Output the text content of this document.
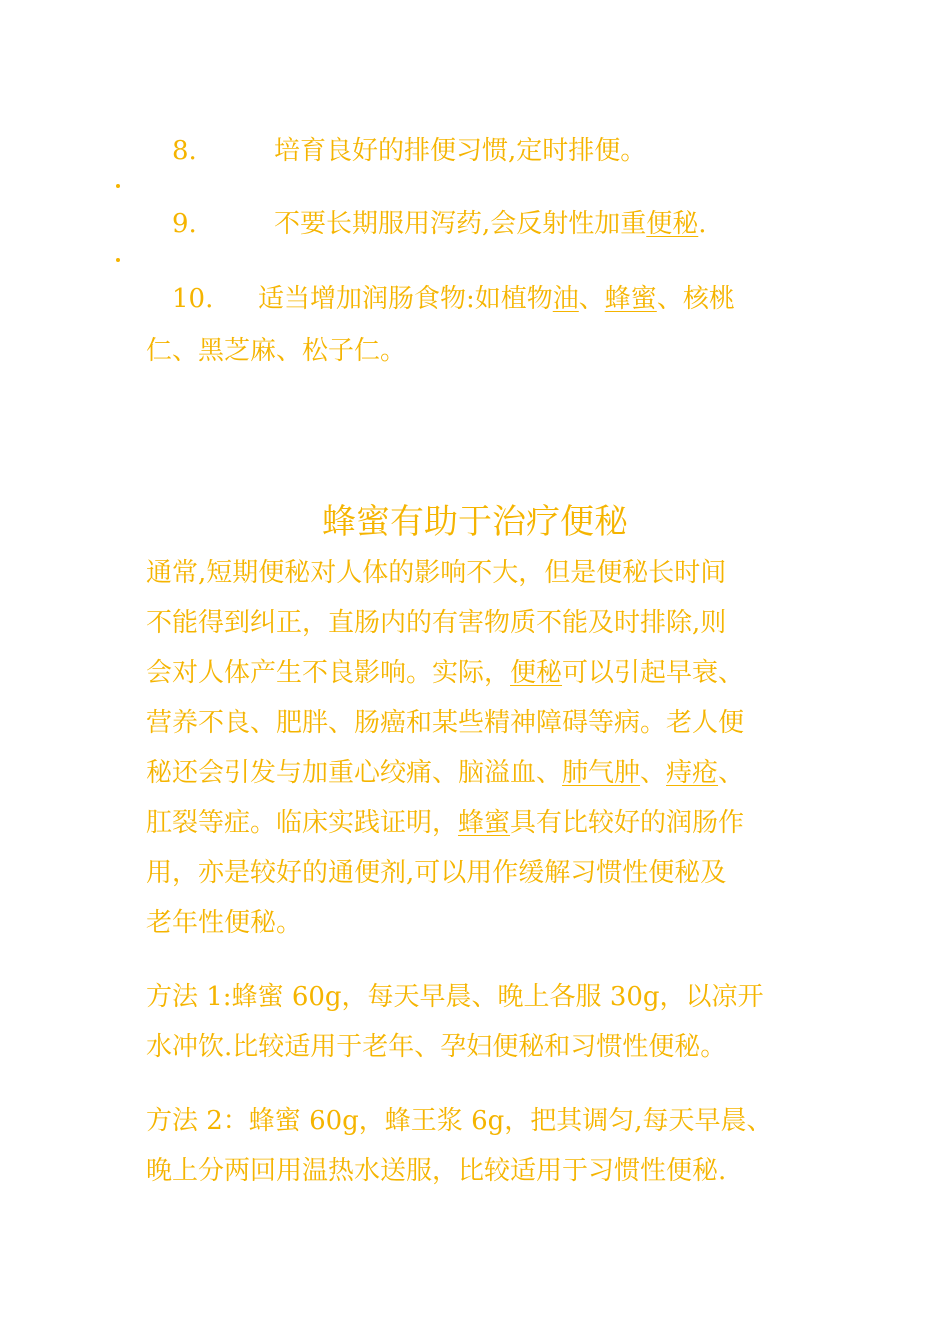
8.	培育良好的排便习惯,定时排便。
9.	不要长期服用泻药,会反射性加重便秘.
10. 适当增加润肠食物:如植物油、蜂蜜、核桃
仁、黑芝麻、松子仁。
蜂蜜有助于治疗便秘
通常,短期便秘对人体的影响不大，但是便秘长时间
不能得到纠正，直肠内的有害物质不能及时排除,则
会对人体产生不良影响。实际，便秘可以引起早衰、
营养不良、肥胖、肠癌和某些精神障碍等病。老人便
秘还会引发与加重心绞痛、脑溢血、肺气肿、痔疮、
肛裂等症。临床实践证明，蜂蜜具有比较好的润肠作
用，亦是较好的通便剂,可以用作缓解习惯性便秘及
老年性便秘。
方法 1:蜂蜜 60g，每天早晨、晚上各服 30g，以凉开
水冲饮.比较适用于老年、孕妇便秘和习惯性便秘。
方法 2：蜂蜜 60g，蜂王浆 6g，把其调匀,每天早晨、
晚上分两回用温热水送服，比较适用于习惯性便秘.
